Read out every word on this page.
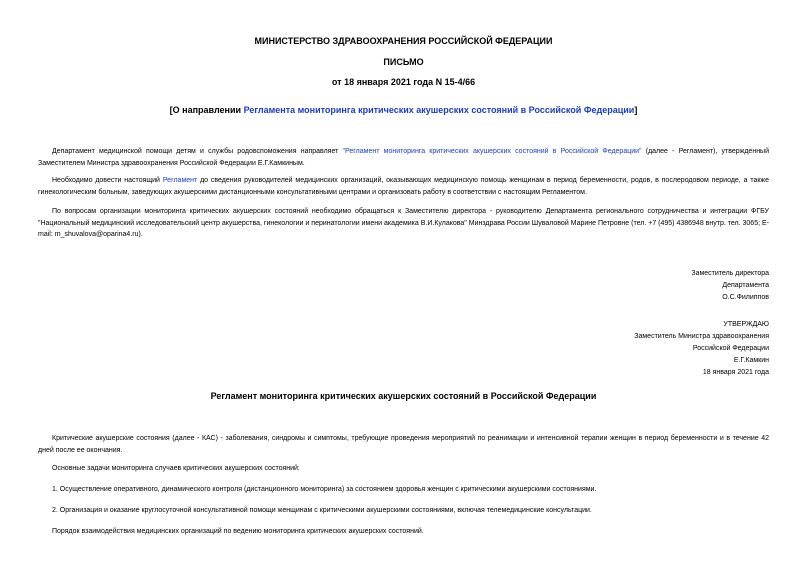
МИНИСТЕРСТВО ЗДРАВООХРАНЕНИЯ РОССИЙСКОЙ ФЕДЕРАЦИИ
ПИСЬМО
от 18 января 2021 года N 15-4/66
[О направлении Регламента мониторинга критических акушерских состояний в Российской Федерации]
Департамент медицинской помощи детям и службы родовспоможения направляет "Регламент мониторинга критических акушерских состояний в Российской Федерации" (далее - Регламент), утвержденный Заместителем Министра здравоохранения Российской Федерации Е.Г.Камкиным.
Необходимо довести настоящий Регламент до сведения руководителей медицинских организаций, оказывающих медицинскую помощь женщинам в период беременности, родов, в послеродовом периоде, а также гинекологическим больным, заведующих акушерскими дистанционными консультативными центрами и организовать работу в соответствии с настоящим Регламентом.
По вопросам организации мониторинга критических акушерских состояний необходимо обращаться к Заместителю директора - руководителю Департамента регионального сотрудничества и интеграции ФГБУ "Национальный медицинский исследовательский центр акушерства, гинекологии и перинатологии имени академика В.И.Кулакова" Минздрава России Шуваловой Марине Петровне (тел. +7 (495) 4386948 внутр. тел. 3065; E-mail: m_shuvalova@oparina4.ru).
Заместитель директора
Департамента
О.С.Филиппов
УТВЕРЖДАЮ
Заместитель Министра здравоохранения
Российской Федерации
Е.Г.Камкин
18 января 2021 года
Регламент мониторинга критических акушерских состояний в Российской Федерации
Критические акушерские состояния (далее - КАС) - заболевания, синдромы и симптомы, требующие проведения мероприятий по реанимации и интенсивной терапии женщин в период беременности и в течение 42 дней после ее окончания.
Основные задачи мониторинга случаев критических акушерских состояний:
1. Осуществление оперативного, динамического контроля (дистанционного мониторинга) за состоянием здоровья женщин с критическими акушерскими состояниями.
2. Организация и оказание круглосуточной консультативной помощи женщинам с критическими акушерскими состояниями, включая телемедицинские консультации.
Порядок взаимодействия медицинских организаций по ведению мониторинга критических акушерских состояний.
